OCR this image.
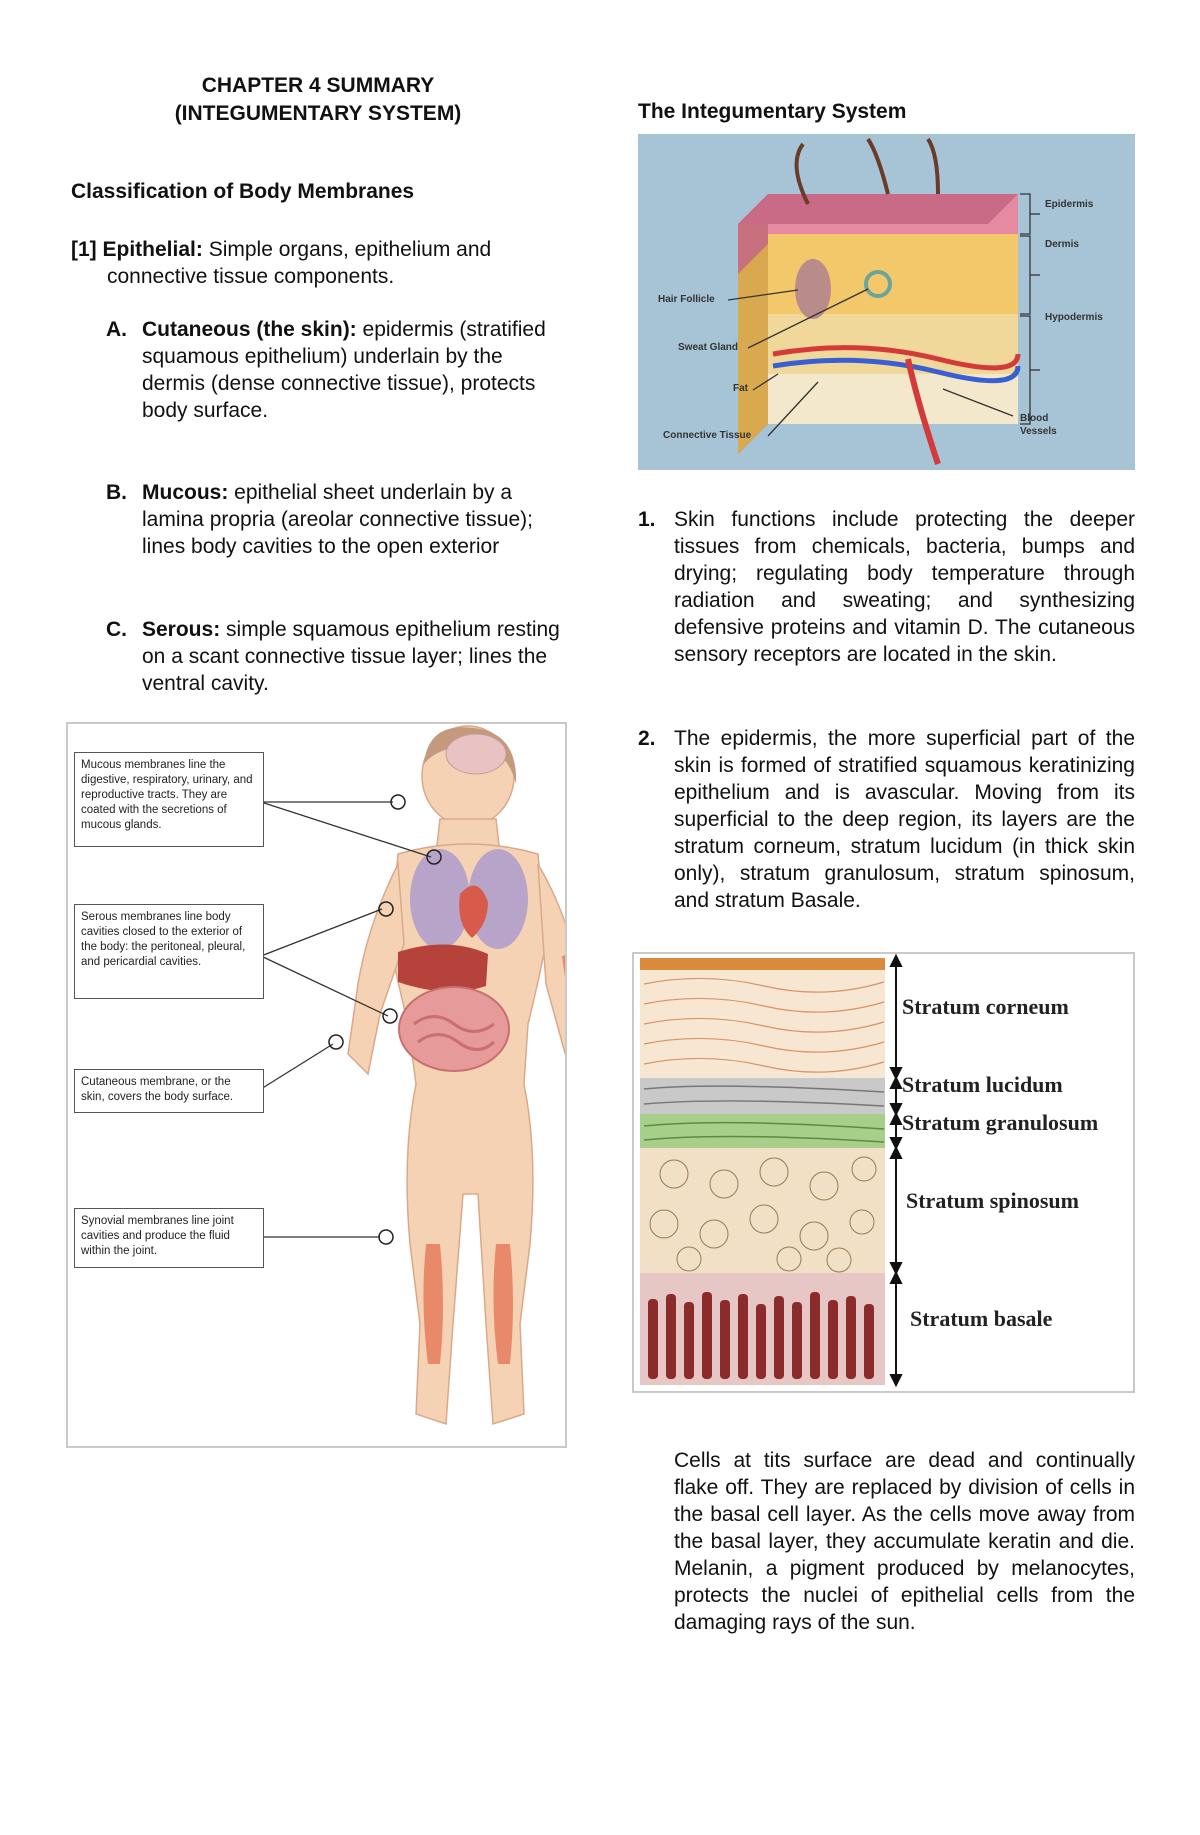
CHAPTER 4 SUMMARY
(INTEGUMENTARY SYSTEM)
Classification of Body Membranes
[1] Epithelial: Simple organs, epithelium and connective tissue components.
A. Cutaneous (the skin): epidermis (stratified squamous epithelium) underlain by the dermis (dense connective tissue), protects body surface.
B. Mucous: epithelial sheet underlain by a lamina propria (areolar connective tissue); lines body cavities to the open exterior
C. Serous: simple squamous epithelium resting on a scant connective tissue layer; lines the ventral cavity.
Mucous membranes line the digestive, respiratory, urinary, and reproductive tracts. They are coated with the secretions of mucous glands.
Serous membranes line body cavities closed to the exterior of the body: the peritoneal, pleural, and pericardial cavities.
Cutaneous membrane, or the skin, covers the body surface.
Synovial membranes line joint cavities and produce the fluid within the joint.
The Integumentary System
Epidermis
Dermis
Hypodermis
Hair Follicle
Sweat Gland
Fat
Connective Tissue
Blood
Vessels
1. Skin functions include protecting the deeper tissues from chemicals, bacteria, bumps and drying; regulating body temperature through radiation and sweating; and synthesizing defensive proteins and vitamin D. The cutaneous sensory receptors are located in the skin.
2. The epidermis, the more superficial part of the skin is formed of stratified squamous keratinizing epithelium and is avascular. Moving from its superficial to the deep region, its layers are the stratum corneum, stratum lucidum (in thick skin only), stratum granulosum, stratum spinosum, and stratum Basale.
Stratum corneum
Stratum lucidum
Stratum granulosum
Stratum spinosum
Stratum basale
Cells at tits surface are dead and continually flake off. They are replaced by division of cells in the basal cell layer. As the cells move away from the basal layer, they accumulate keratin and die. Melanin, a pigment produced by melanocytes, protects the nuclei of epithelial cells from the damaging rays of the sun.
